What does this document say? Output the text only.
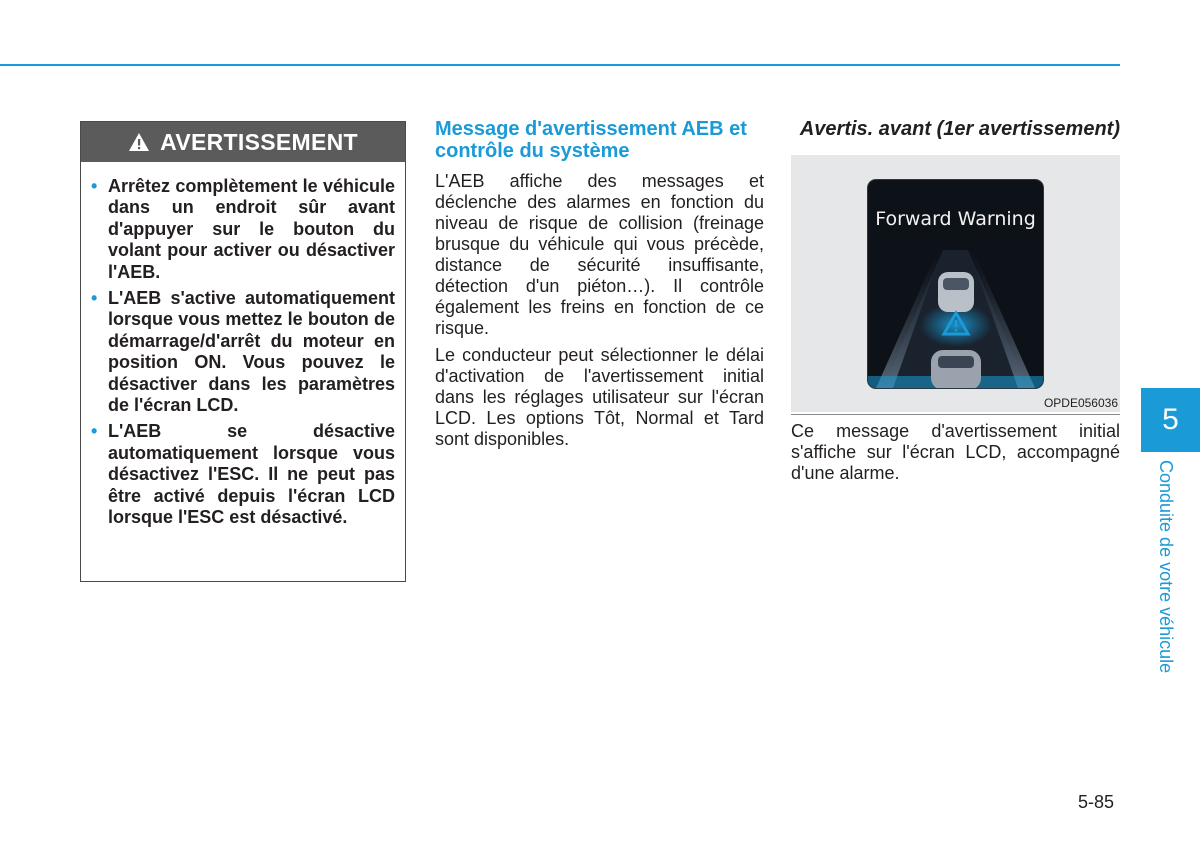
AVERTISSEMENT
• Arrêtez complètement le véhicule dans un endroit sûr avant d'appuyer sur le bouton du volant pour activer ou désactiver l'AEB.
• L'AEB s'active automatiquement lorsque vous mettez le bouton de démarrage/d'arrêt du moteur en position ON. Vous pouvez le désactiver dans les paramètres de l'écran LCD.
• L'AEB se désactive automatiquement lorsque vous désactivez l'ESC. Il ne peut pas être activé depuis l'écran LCD lorsque l'ESC est désactivé.
Message d'avertissement AEB et contrôle du système

L'AEB affiche des messages et déclenche des alarmes en fonction du niveau de risque de collision (freinage brusque du véhicule qui vous précède, distance de sécurité insuffisante, détection d'un piéton…). Il contrôle également les freins en fonction de ce risque.

Le conducteur peut sélectionner le délai d'activation de l'avertissement initial dans les réglages utilisateur sur l'écran LCD. Les options Tôt, Normal et Tard sont disponibles.

Avertis. avant (1er avertissement)
Forward Warning
OPDE056036

Ce message d'avertissement initial s'affiche sur l'écran LCD, accompagné d'une alarme.

5
Conduite de votre véhicule
5-85
